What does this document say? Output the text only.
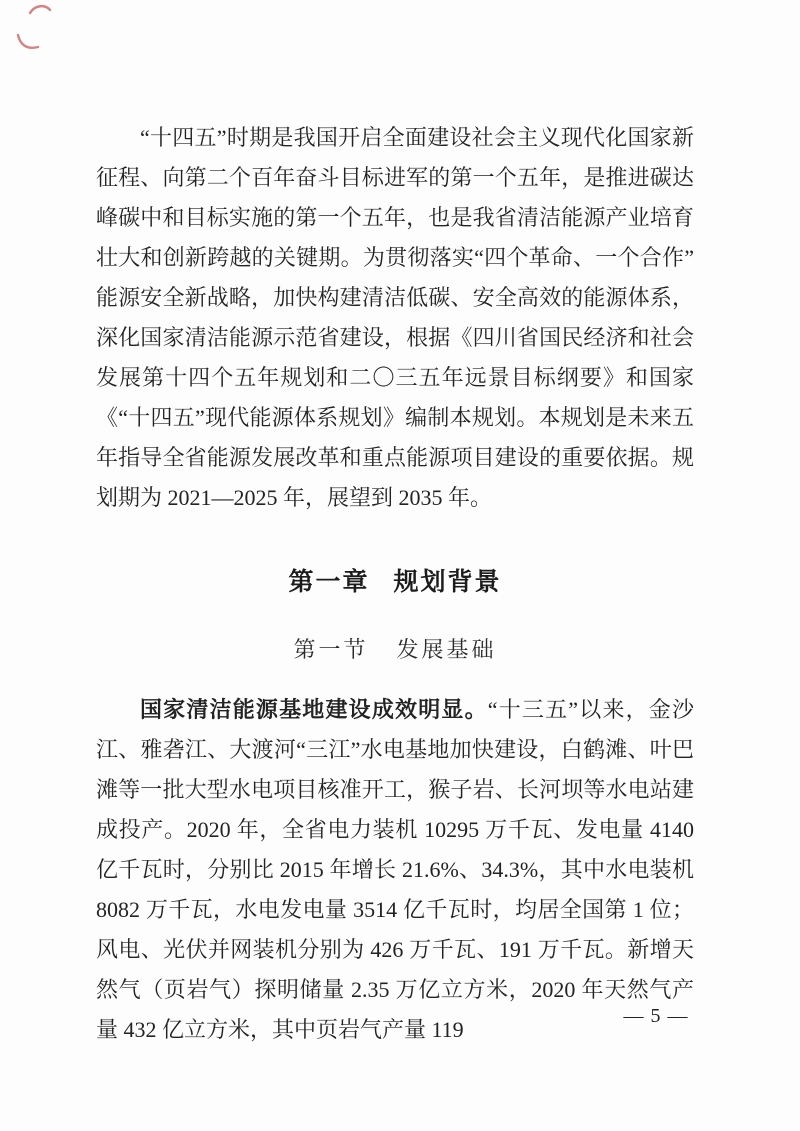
“十四五”时期是我国开启全面建设社会主义现代化国家新征程、向第二个百年奋斗目标进军的第一个五年，是推进碳达峰碳中和目标实施的第一个五年，也是我省清洁能源产业培育壮大和创新跨越的关键期。为贯彻落实“四个革命、一个合作”能源安全新战略，加快构建清洁低碳、安全高效的能源体系，深化国家清洁能源示范省建设，根据《四川省国民经济和社会发展第十四个五年规划和二〇三五年远景目标纲要》和国家《“十四五”现代能源体系规划》编制本规划。本规划是未来五年指导全省能源发展改革和重点能源项目建设的重要依据。规划期为 2021—2025 年，展望到 2035 年。

第一章 规划背景
第一节 发展基础

国家清洁能源基地建设成效明显。“十三五”以来，金沙江、雅砻江、大渡河“三江”水电基地加快建设，白鹤滩、叶巴滩等一批大型水电项目核准开工，猴子岩、长河坝等水电站建成投产。2020 年，全省电力装机 10295 万千瓦、发电量 4140 亿千瓦时，分别比 2015 年增长 21.6%、34.3%，其中水电装机 8082 万千瓦，水电发电量 3514 亿千瓦时，均居全国第 1 位；风电、光伏并网装机分别为 426 万千瓦、191 万千瓦。新增天然气（页岩气）探明储量 2.35 万亿立方米，2020 年天然气产量 432 亿立方米，其中页岩气产量 119

— 5 —
